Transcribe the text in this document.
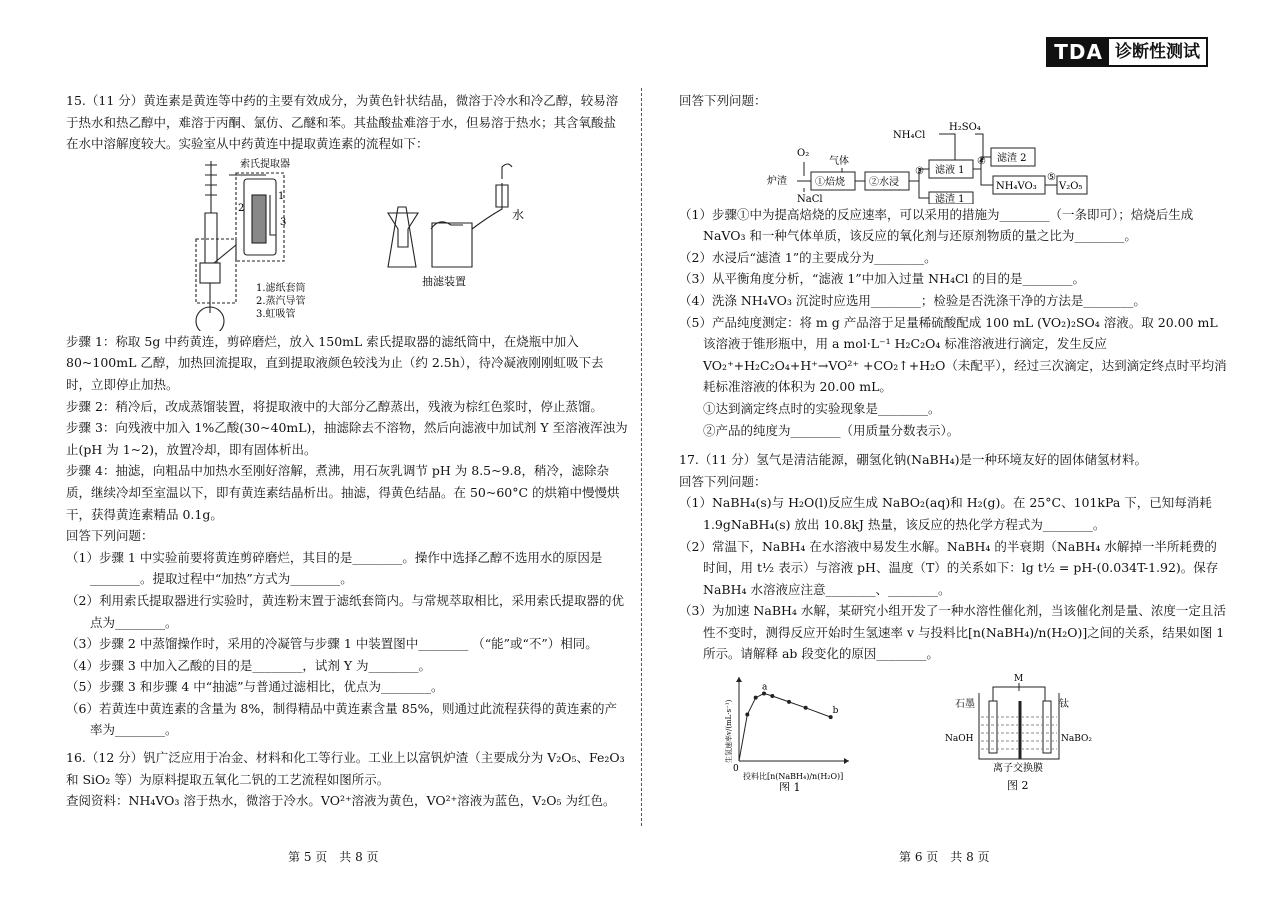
TDA 诊断性测试

15.（11 分）黄连素是黄连等中药的主要有效成分，为黄色针状结晶，微溶于冷水和冷乙醇，较易溶于热水和热乙醇中，难溶于丙酮、氯仿、乙醚和苯。其盐酸盐难溶于水，但易溶于热水；其含氧酸盐在水中溶解度较大。实验室从中药黄连中提取黄连素的流程如下：

索氏提取器
2
1
3
1.滤纸套筒
2.蒸汽导管
3.虹吸管
水
抽滤装置

步骤 1：称取 5g 中药黄连，剪碎磨烂，放入 150mL 索氏提取器的滤纸筒中，在烧瓶中加入 80~100mL 乙醇，加热回流提取，直到提取液颜色较浅为止（约 2.5h），待冷凝液刚刚虹吸下去时，立即停止加热。

步骤 2：稍冷后，改成蒸馏装置，将提取液中的大部分乙醇蒸出，残液为棕红色浆时，停止蒸馏。

步骤 3：向残液中加入 1%乙酸(30~40mL)，抽滤除去不溶物，然后向滤液中加试剂 Y 至溶液浑浊为止(pH 为 1~2)，放置冷却，即有固体析出。

步骤 4：抽滤，向粗品中加热水至刚好溶解，煮沸，用石灰乳调节 pH 为 8.5~9.8，稍冷，滤除杂质，继续冷却至室温以下，即有黄连素结晶析出。抽滤，得黄色结晶。在 50~60°C 的烘箱中慢慢烘干，获得黄连素精品 0.1g。

回答下列问题：

（1）步骤 1 中实验前要将黄连剪碎磨烂，其目的是________。操作中选择乙醇不选用水的原因是________。提取过程中“加热”方式为________。

（2）利用索氏提取器进行实验时，黄连粉末置于滤纸套筒内。与常规萃取相比，采用索氏提取器的优点为________。

（3）步骤 2 中蒸馏操作时，采用的冷凝管与步骤 1 中装置图中________ （“能”或“不”）相同。

（4）步骤 3 中加入乙酸的目的是________，试剂 Y 为________。

（5）步骤 3 和步骤 4 中“抽滤”与普通过滤相比，优点为________。

（6）若黄连中黄连素的含量为 8%，制得精品中黄连素含量 85%，则通过此流程获得的黄连素的产率为________。

16.（12 分）钒广泛应用于冶金、材料和化工等行业。工业上以富钒炉渣（主要成分为 V₂O₅、Fe₂O₃ 和 SiO₂ 等）为原料提取五氧化二钒的工艺流程如图所示。

查阅资料：NH₄VO₃ 溶于热水，微溶于冷水。VO²⁺溶液为黄色，VO²⁺溶液为蓝色，V₂O₅ 为红色。

回答下列问题：

O₂
气体
炉渣
NaCl
①焙烧 ②水浸
③ 滤液 1
滤渣 1
NH₄Cl
H₂SO₄
④ 滤渣 2
NH₄VO₃
⑤
V₂O₅

（1）步骤①中为提高焙烧的反应速率，可以采用的措施为________（一条即可）；焙烧后生成 NaVO₃ 和一种气体单质，该反应的氧化剂与还原剂物质的量之比为________。

（2）水浸后“滤渣 1”的主要成分为________。

（3）从平衡角度分析，“滤液 1”中加入过量 NH₄Cl 的目的是________。

（4）洗涤 NH₄VO₃ 沉淀时应选用________；检验是否洗涤干净的方法是________。

（5）产品纯度测定：将 m g 产品溶于足量稀硫酸配成 100 mL (VO₂)₂SO₄ 溶液。取 20.00 mL 该溶液于锥形瓶中，用 a mol·L⁻¹ H₂C₂O₄ 标准溶液进行滴定，发生反应 VO₂⁺+H₂C₂O₄+H⁺→VO²⁺ +CO₂↑+H₂O（未配平），经过三次滴定，达到滴定终点时平均消耗标准溶液的体积为 20.00 mL。

①达到滴定终点时的实验现象是________。

②产品的纯度为________（用质量分数表示）。

17.（11 分）氢气是清洁能源，硼氢化钠(NaBH₄)是一种环境友好的固体储氢材料。

回答下列问题：

（1）NaBH₄(s)与 H₂O(l)反应生成 NaBO₂(aq)和 H₂(g)。在 25°C、101kPa 下，已知每消耗 1.9gNaBH₄(s) 放出 10.8kJ 热量，该反应的热化学方程式为________。

（2）常温下，NaBH₄ 在水溶液中易发生水解。NaBH₄ 的半衰期（NaBH₄ 水解掉一半所耗费的时间，用 t½ 表示）与溶液 pH、温度（T）的关系如下：lg t½ = pH-(0.034T-1.92)。保存 NaBH₄ 水溶液应注意________、________。

（3）为加速 NaBH₄ 水解，某研究小组开发了一种水溶性催化剂，当该催化剂是量、浓度一定且活性不变时，测得反应开始时生氢速率 v 与投料比[n(NaBH₄)/n(H₂O)]之间的关系，结果如图 1 所示。请解释 ab 段变化的原因________。

a
b
0
投料比[n(NaBH₄)/n(H₂O)]
生氢速率v/(mL·s⁻¹)
图 1
M
石墨	钛
NaOH	NaBO₂
离子交换膜
图 2
第 5 页　共 8 页	第 6 页　共 8 页
